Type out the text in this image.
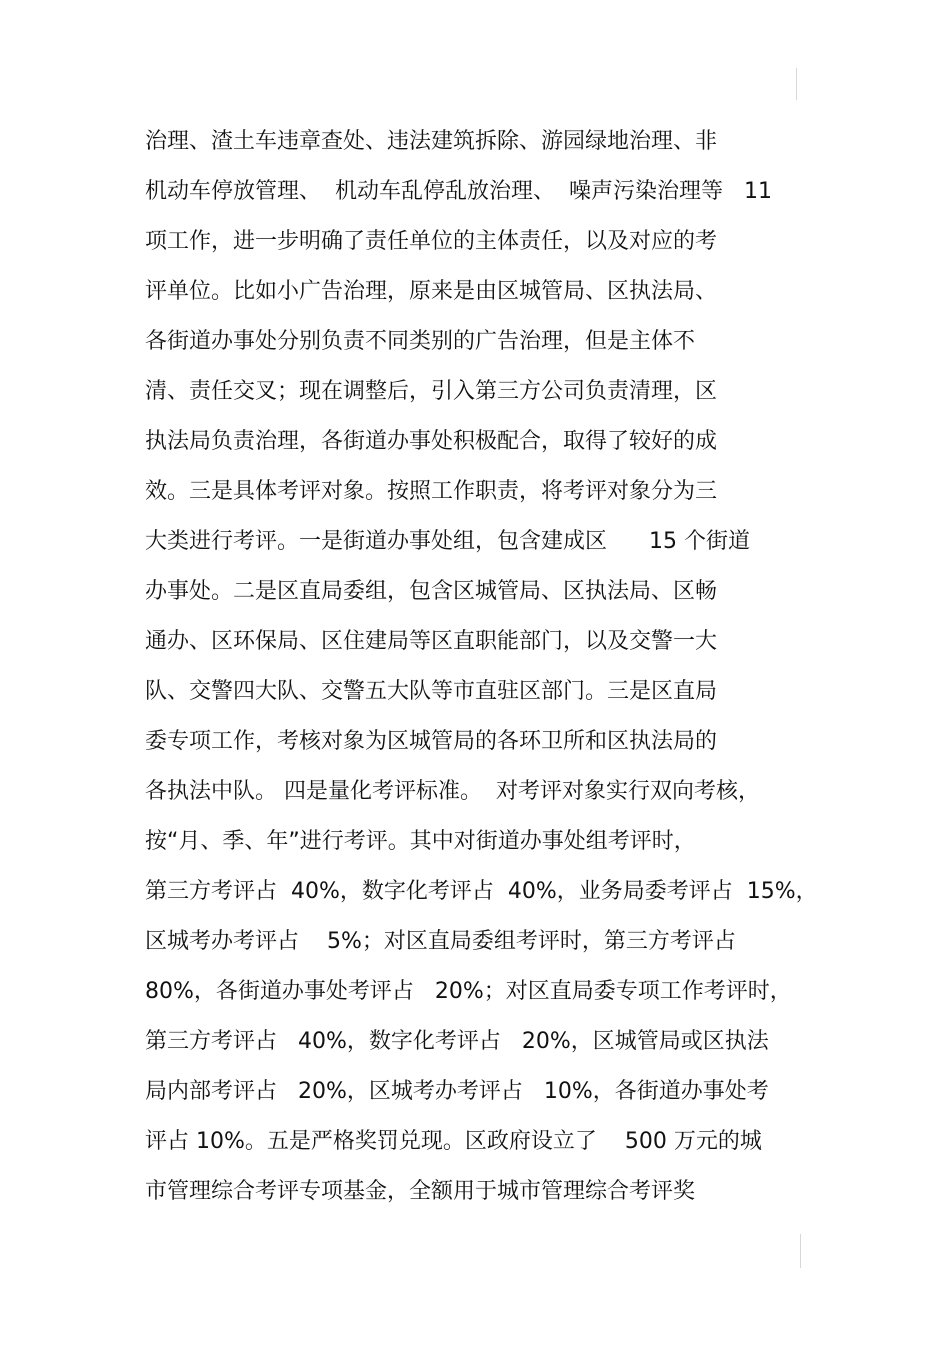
治理、渣土车违章查处、违法建筑拆除、游园绿地治理、非
机动车停放管理、  机动车乱停乱放治理、  噪声污染治理等   11
项工作，进一步明确了责任单位的主体责任，以及对应的考
评单位。比如小广告治理，原来是由区城管局、区执法局、
各街道办事处分别负责不同类别的广告治理，但是主体不
清、责任交叉；现在调整后，引入第三方公司负责清理，区
执法局负责治理，各街道办事处积极配合，取得了较好的成
效。三是具体考评对象。按照工作职责，将考评对象分为三
大类进行考评。一是街道办事处组，包含建成区      15 个街道
办事处。二是区直局委组，包含区城管局、区执法局、区畅
通办、区环保局、区住建局等区直职能部门，以及交警一大
队、交警四大队、交警五大队等市直驻区部门。三是区直局
委专项工作，考核对象为区城管局的各环卫所和区执法局的
各执法中队。 四是量化考评标准。  对考评对象实行双向考核，
按“月、季、年”进行考评。其中对街道办事处组考评时，
第三方考评占  40%，数字化考评占  40%，业务局委考评占  15%，
区城考办考评占    5%；对区直局委组考评时，第三方考评占
80%，各街道办事处考评占   20%；对区直局委专项工作考评时，
第三方考评占   40%，数字化考评占   20%，区城管局或区执法
局内部考评占   20%，区城考办考评占   10%，各街道办事处考
评占 10%。五是严格奖罚兑现。区政府设立了    500 万元的城
市管理综合考评专项基金，全额用于城市管理综合考评奖
